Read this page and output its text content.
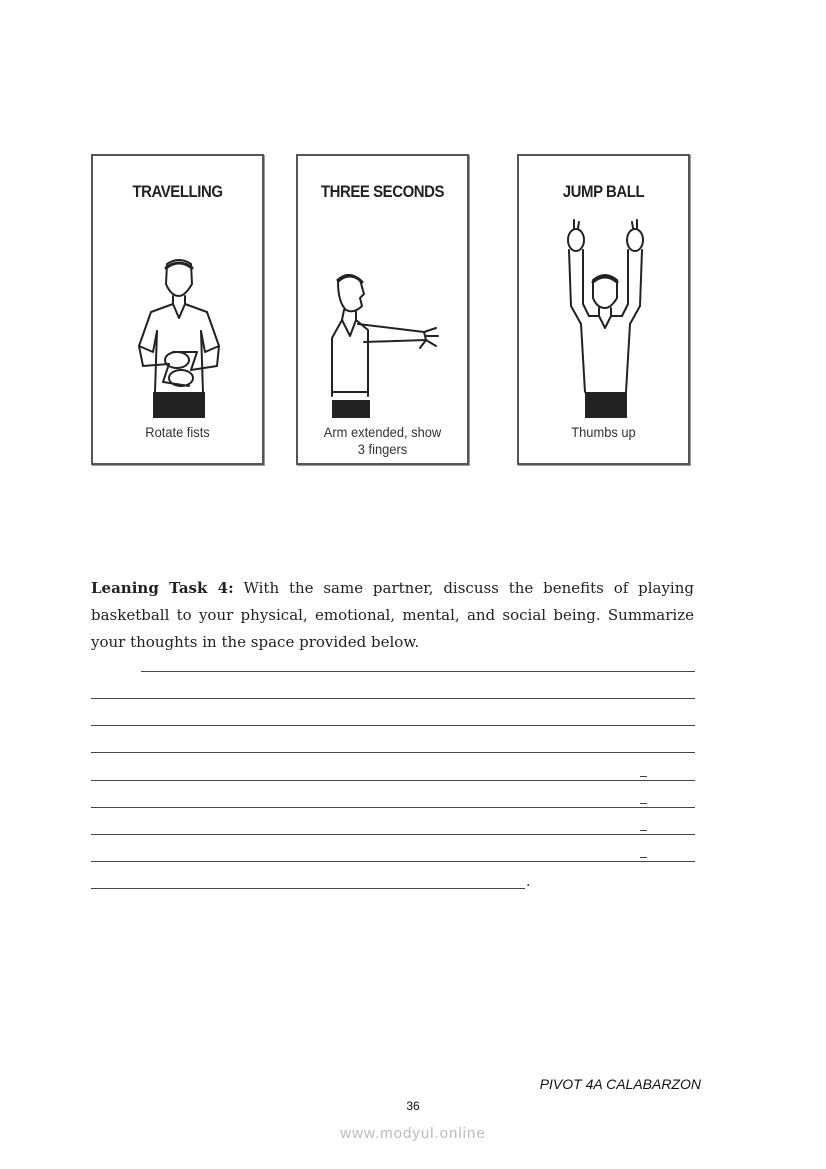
TRAVELLING
Rotate fists
THREE SECONDS
Arm extended, show
3 fingers
JUMP BALL
Thumbs up
Leaning Task 4: With the same partner, discuss the benefits of playing basketball to your physical, emotional, mental, and social being. Summarize your thoughts in the space provided below.
.
PIVOT 4A CALABARZON
36
www.modyul.online
